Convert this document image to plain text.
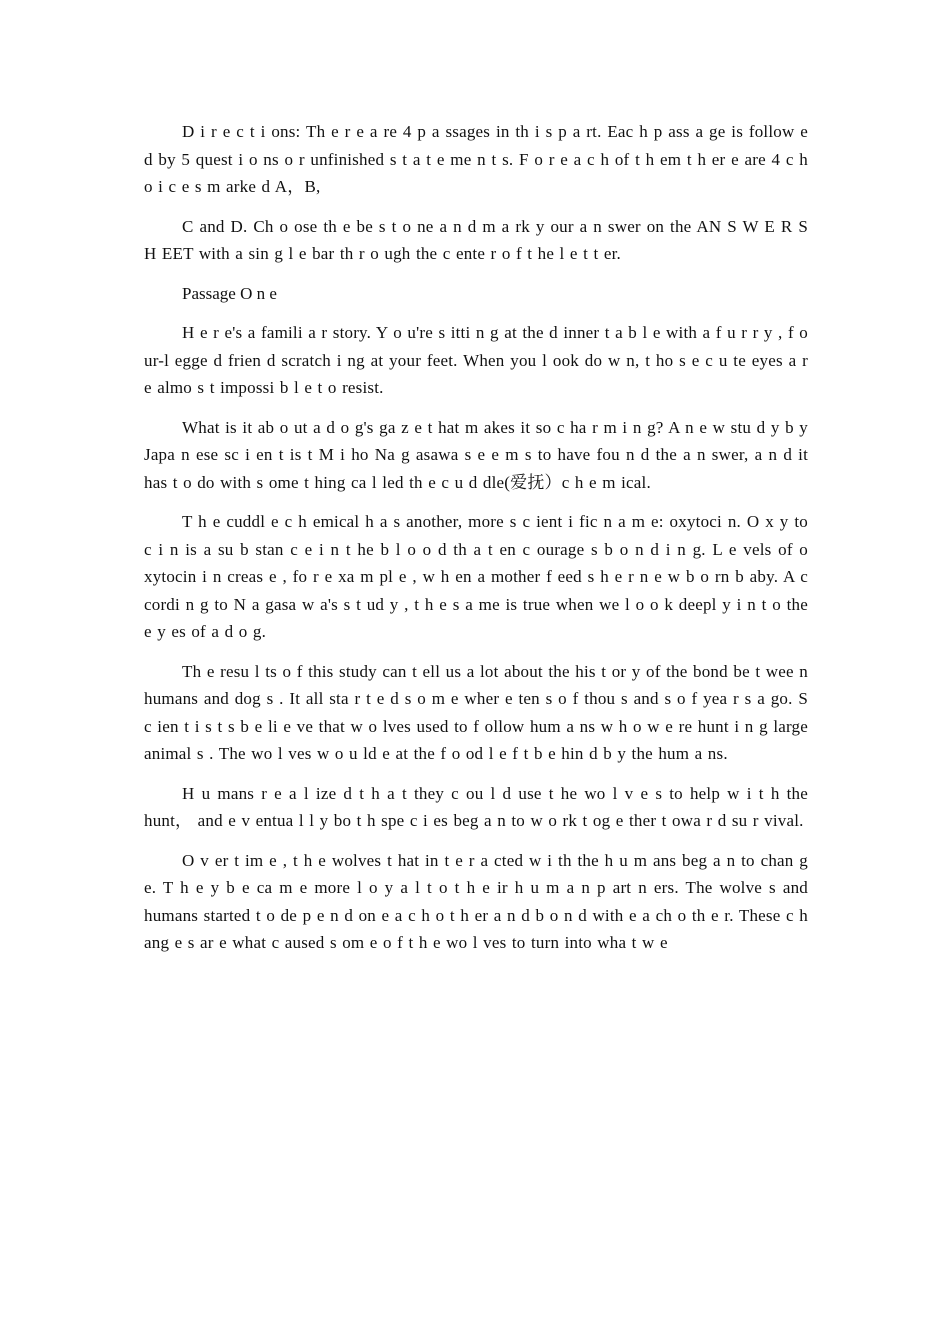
D i r e c t i ons: Th e r e a re 4 p a ssages in th i s p a rt. Eac h p ass a ge is follow e d by 5 quest i o ns o r unfinished s t a t e me n t s. F o r e a c h of t h em t h er e are 4 c h o i c e s m arke d A，B,

C and D. Ch o ose th e be s t o ne a n d m a rk y our a n swer on the AN S W E R S H EET with a sin g l e bar th r o ugh the c ente r o f t he l e t t er.

Passage O n e

H e r e's a famili a r story. Y o u're s itti n g at the d inner t a b l e with a f u r r y , f o ur-l egge d frien d scratch i ng at your feet. When you l ook do w n, t ho s e c u te eyes a r e almo s t impossi b l e t o resist.

What is it ab o ut a d o g's ga z e t hat m akes it so c ha r m i n g? A n e w stu d y b y Japa n ese sc i en t is t M i ho Na g asawa s e e m s to have fou n d the a n swer, a n d it has t o do with s ome t hing ca l led th e c u d dle(爱抚）c h e m ical.

T h e cuddl e c h emical h a s another, more s c ient i fic n a m e: oxytoci n. O x y to c i n is a su b stan c e i n t he b l o o d th a t en c ourage s b o n d i n g. L e vels of o xytocin i n creas e , fo r e xa m pl e , w h en a mother f eed s h e r n e w b o rn b aby. A c cordi n g to N a gasa w a's s t ud y , t h e s a me is true when we l o o k deepl y i n t o the e y es of a d o g.

Th e resu l ts o f this study can t ell us a lot about the his t or y of the bond be t wee n humans and dog s . It all sta r t e d s o m e wher e ten s o f thou s and s o f yea r s a go. S c ien t i s t s b e li e ve that w o lves used to f ollow hum a ns w h o w e re hunt i n g large animal s . The wo l ves w o u ld e at the f o od l e f t b e hin d b y the hum a ns.

H u mans r e a l ize d t h a t they c ou l d use t he wo l v e s to help w i t h the hunt， and e v entua l l y bo t h spe c i es beg a n to w o rk t og e ther t owa r d su r vival.

O v er t im e , t h e wolves t hat in t e r a cted w i th the h u m ans beg a n to chan g e. T h e y b e ca m e more l o y a l t o t h e ir h u m a n p art n ers. The wolve s and humans started t o de p e n d on e a c h o t h er a n d b o n d with e a ch o th e r. These c h ang e s ar e what c aused s om e o f t h e wo l ves to turn into wha t w e
